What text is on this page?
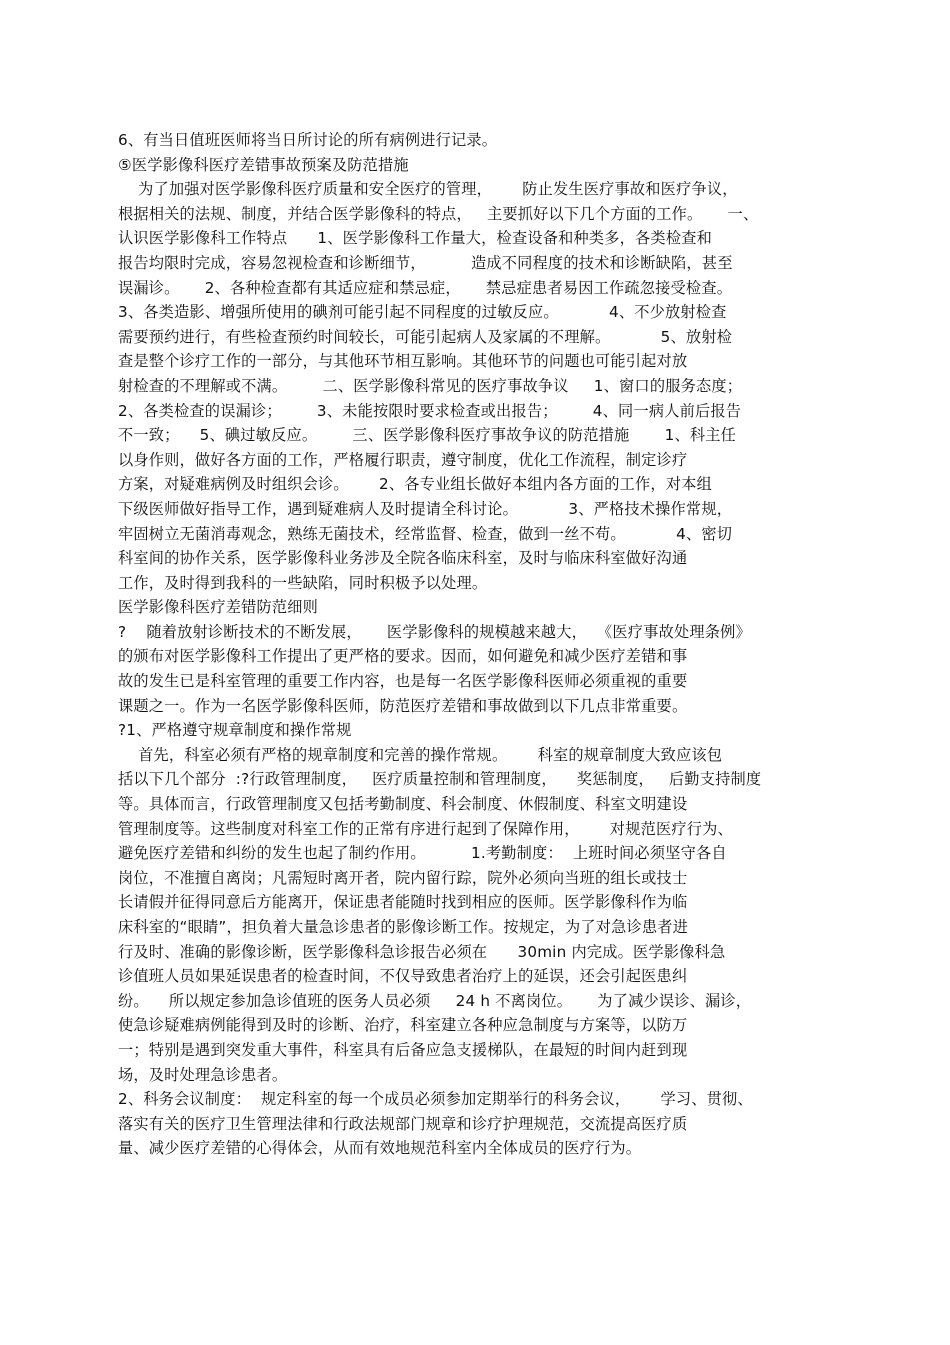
6、有当日值班医师将当日所讨论的所有病例进行记录。
⑤医学影像科医疗差错事故预案及防范措施
为了加强对医学影像科医疗质量和安全医疗的管理，      防止发生医疗事故和医疗争议，
根据相关的法规、制度，并结合医学影像科的特点，   主要抓好以下几个方面的工作。     一、
认识医学影像科工作特点      1、医学影像科工作量大，检查设备和种类多，各类检查和
报告均限时完成，容易忽视检查和诊断细节，         造成不同程度的技术和诊断缺陷，甚至
误漏诊。     2、各种检查都有其适应症和禁忌症，     禁忌症患者易因工作疏忽接受检查。
3、各类造影、增强所使用的碘剂可能引起不同程度的过敏反应。          4、不少放射检查
需要预约进行，有些检查预约时间较长，可能引起病人及家属的不理解。          5、放射检
查是整个诊疗工作的一部分，与其他环节相互影响。其他环节的问题也可能引起对放
射检查的不理解或不满。       二、医学影像科常见的医疗事故争议     1、窗口的服务态度；
2、各类检查的误漏诊；       3、未能按限时要求检查或出报告；       4、同一病人前后报告
不一致；    5、碘过敏反应。       三、医学影像科医疗事故争议的防范措施       1、科主任
以身作则，做好各方面的工作，严格履行职责，遵守制度，优化工作流程，制定诊疗
方案，对疑难病例及时组织会诊。      2、各专业组长做好本组内各方面的工作，对本组
下级医师做好指导工作，遇到疑难病人及时提请全科讨论。          3、严格技术操作常规，
牢固树立无菌消毒观念，熟练无菌技术，经常监督、检查，做到一丝不苟。          4、密切
科室间的协作关系，医学影像科业务涉及全院各临床科室，及时与临床科室做好沟通
工作，及时得到我科的一些缺陷，同时积极予以处理。
医学影像科医疗差错防范细则
?    随着放射诊断技术的不断发展，     医学影像科的规模越来越大，  《医疗事故处理条例》
的颁布对医学影像科工作提出了更严格的要求。因而，如何避免和减少医疗差错和事
故的发生已是科室管理的重要工作内容，也是每一名医学影像科医师必须重视的重要
课题之一。作为一名医学影像科医师，防范医疗差错和事故做到以下几点非常重要。
?1、严格遵守规章制度和操作常规
首先，科室必须有严格的规章制度和完善的操作常规。      科室的规章制度大致应该包
括以下几个部分  :?行政管理制度，   医疗质量控制和管理制度，    奖惩制度，   后勤支持制度
等。具体而言，行政管理制度又包括考勤制度、科会制度、休假制度、科室文明建设
管理制度等。这些制度对科室工作的正常有序进行起到了保障作用，      对规范医疗行为、
避免医疗差错和纠纷的发生也起了制约作用。         1.考勤制度：  上班时间必须坚守各自
岗位，不准擅自离岗；凡需短时离开者，院内留行踪，院外必须向当班的组长或技士
长请假并征得同意后方能离开，保证患者能随时找到相应的医师。医学影像科作为临
床科室的“眼睛”，担负着大量急诊患者的影像诊断工作。按规定，为了对急诊患者进
行及时、准确的影像诊断，医学影像科急诊报告必须在      30min 内完成。医学影像科急
诊值班人员如果延误患者的检查时间，不仅导致患者治疗上的延误，还会引起医患纠
纷。    所以规定参加急诊值班的医务人员必须     24 h 不离岗位。     为了减少误诊、漏诊，
使急诊疑难病例能得到及时的诊断、治疗，科室建立各种应急制度与方案等，以防万
一；特别是遇到突发重大事件，科室具有后备应急支援梯队，在最短的时间内赶到现
场，及时处理急诊患者。
2、科务会议制度：  规定科室的每一个成员必须参加定期举行的科务会议，      学习、贯彻、
落实有关的医疗卫生管理法律和行政法规部门规章和诊疗护理规范，交流提高医疗质
量、减少医疗差错的心得体会，从而有效地规范科室内全体成员的医疗行为。
